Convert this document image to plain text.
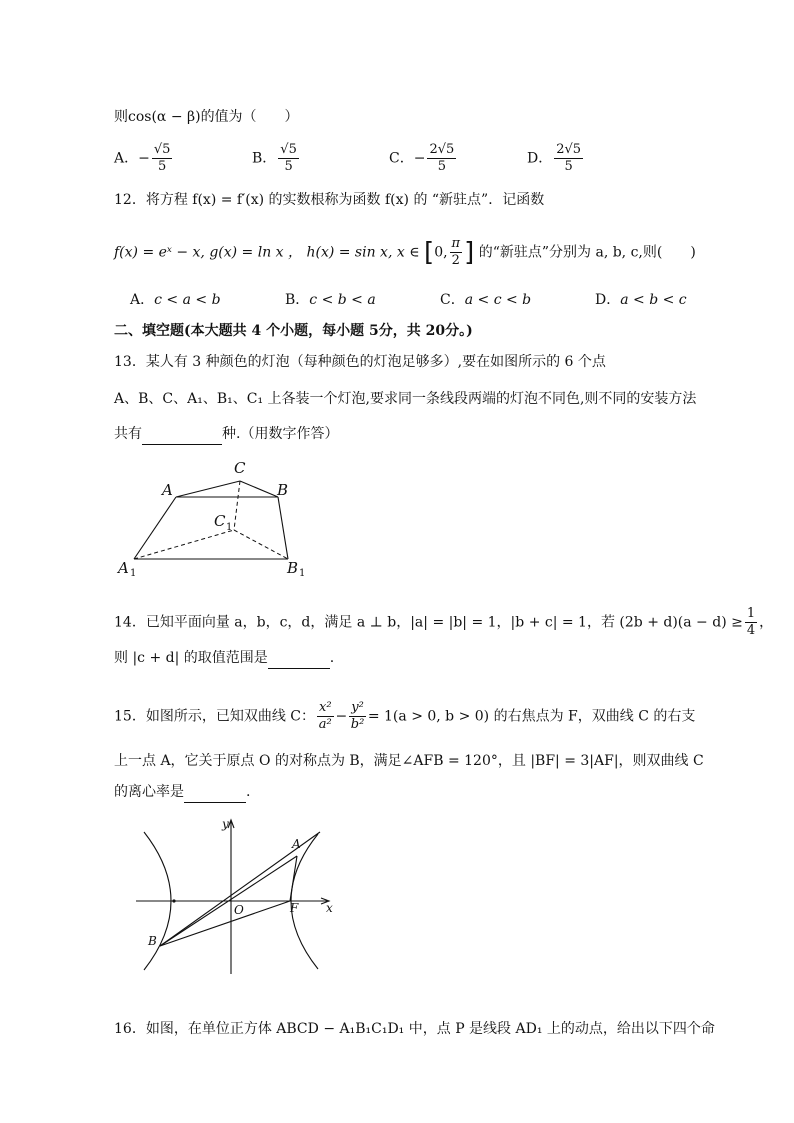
则cos(α − β)的值为（　　）
A．− $\frac{√5}{5}$	B． $\frac{√5}{5}$	C．− $\frac{2√5}{5}$	D． $\frac{2√5}{5}$
12．将方程 f(x) = f′(x) 的实数根称为函数 f(x) 的 “新驻点”．记函数
f(x) = eˣ − x, g(x) = ln x ， h(x) = sin x, x ∈ [0, $\frac{\pi}{2}$ ] 的“新驻点”分别为 a, b, c,则(　　)
A．c < a < b	B．c < b < a	C．a < c < b	D．a < b < c
二、填空题(本大题共 4 个小题，每小题 5分，共 20分。)
13．某人有 3 种颜色的灯泡（每种颜色的灯泡足够多）,要在如图所示的 6 个点
A、B、C、A₁、B₁、C₁ 上各装一个灯泡,要求同一条线段两端的灯泡不同色,则不同的安装方法
共有	种.（用数字作答）
C
A	B
C
A	B
1
1	1
14．已知平面向量 a，b，c，d，满足 a ⊥ b，|a| = |b| = 1，|b + c| = 1，若 $(2b + d)(a - d) \ge \frac{1}{4}$ ，
则 |c + d| 的取值范围是	.
15．如图所示，已知双曲线 C： $\frac{\text{x²}}{\text{a²}} - \frac{\text{y²}}{\text{b²}} = 1(a > 0$, b > 0) 的右焦点为 F，双曲线 C 的右支
上一点 A，它关于原点 O 的对称点为 B，满足∠AFB = 120°，且 |BF| = 3|AF|，则双曲线 C
的离心率是	.
y
x
A
B
O	F
16．如图，在单位正方体 ABCD − A₁B₁C₁D₁ 中，点 P 是线段 AD₁ 上的动点，给出以下四个命
